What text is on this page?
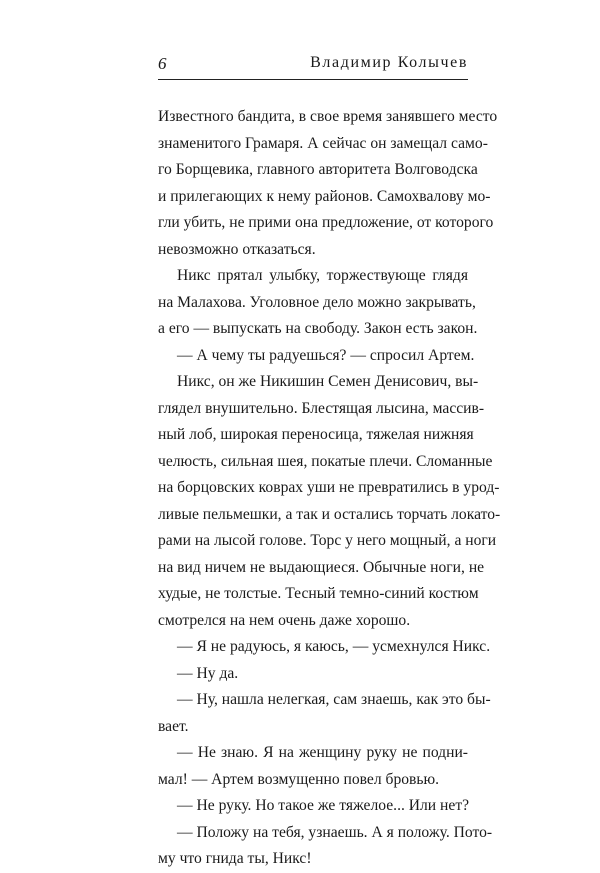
6	Владимир Колычев
Известного бандита, в свое время занявшего место
знаменитого Грамаря. А сейчас он замещал само-
го Борщевика, главного авторитета Волговодска
и прилегающих к нему районов. Самохвалову мо-
гли убить, не прими она предложение, от которого
невозможно отказаться.
Никс прятал улыбку, торжествующе глядя
на Малахова. Уголовное дело можно закрывать,
а его — выпускать на свободу. Закон есть закон.
— А чему ты радуешься? — спросил Артем.
Никс, он же Никишин Семен Денисович, вы-
глядел внушительно. Блестящая лысина, массив-
ный лоб, широкая переносица, тяжелая нижняя
челюсть, сильная шея, покатые плечи. Сломанные
на борцовских коврах уши не превратились в урод-
ливые пельмешки, а так и остались торчать локато-
рами на лысой голове. Торс у него мощный, а ноги
на вид ничем не выдающиеся. Обычные ноги, не
худые, не толстые. Тесный темно-синий костюм
смотрелся на нем очень даже хорошо.
— Я не радуюсь, я каюсь, — усмехнулся Никс.
— Ну да.
— Ну, нашла нелегкая, сам знаешь, как это бы-
вает.
— Не знаю. Я на женщину руку не подни-
мал! — Артем возмущенно повел бровью.
— Не руку. Но такое же тяжелое... Или нет?
— Положу на тебя, узнаешь. А я положу. Пото-
му что гнида ты, Никс!
